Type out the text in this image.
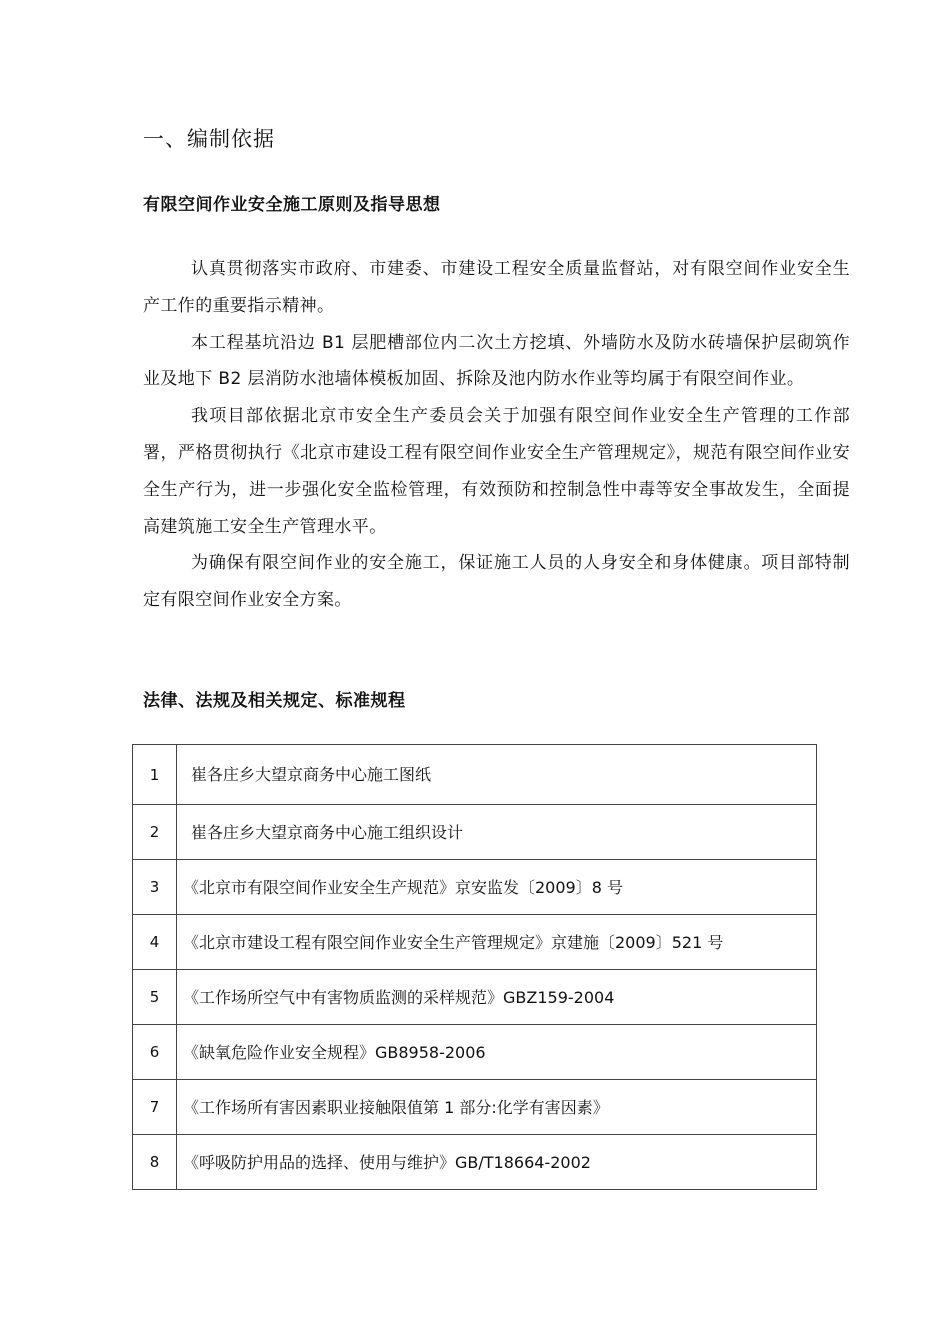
一、编制依据
有限空间作业安全施工原则及指导思想

认真贯彻落实市政府、市建委、市建设工程安全质量监督站，对有限空间作业安全生产工作的重要指示精神。

本工程基坑沿边 B1 层肥槽部位内二次土方挖填、外墙防水及防水砖墙保护层砌筑作业及地下 B2 层消防水池墙体模板加固、拆除及池内防水作业等均属于有限空间作业。

我项目部依据北京市安全生产委员会关于加强有限空间作业安全生产管理的工作部署，严格贯彻执行《北京市建设工程有限空间作业安全生产管理规定》，规范有限空间作业安全生产行为，进一步强化安全监检管理，有效预防和控制急性中毒等安全事故发生，全面提高建筑施工安全生产管理水平。

为确保有限空间作业的安全施工，保证施工人员的人身安全和身体健康。项目部特制定有限空间作业安全方案。

法律、法规及相关规定、标准规程
1	崔各庄乡大望京商务中心施工图纸
2	崔各庄乡大望京商务中心施工组织设计
3	《北京市有限空间作业安全生产规范》京安监发〔2009〕8 号
4	《北京市建设工程有限空间作业安全生产管理规定》京建施〔2009〕521 号
5	《工作场所空气中有害物质监测的采样规范》GBZ159-2004
6	《缺氧危险作业安全规程》GB8958-2006
7	《工作场所有害因素职业接触限值第 1 部分:化学有害因素》
8	《呼吸防护用品的选择、使用与维护》GB/T18664-2002
